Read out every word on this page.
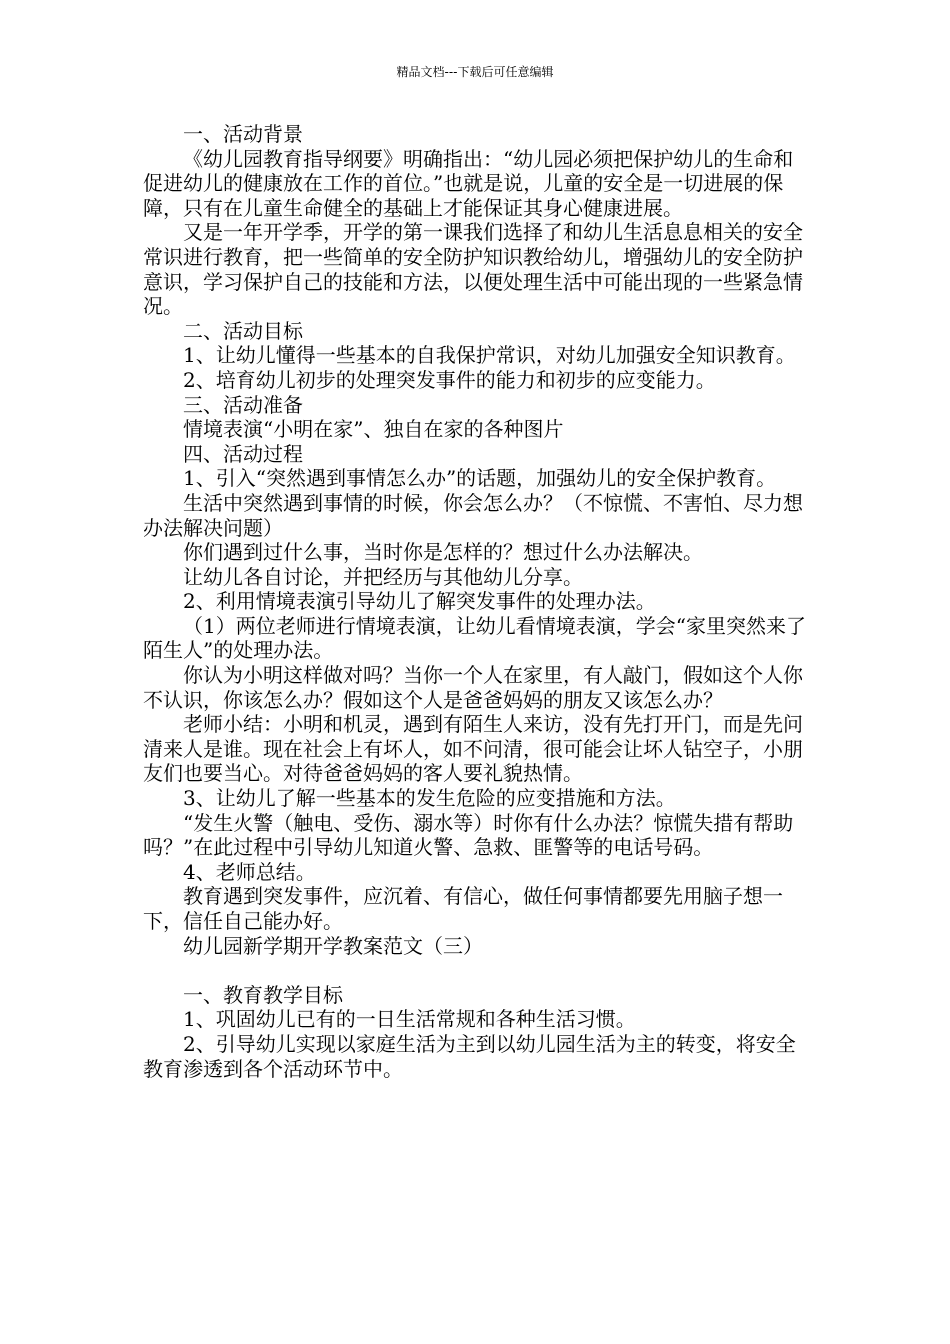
精品文档---下载后可任意编辑

一、活动背景

《幼儿园教育指导纲要》明确指出：“幼儿园必须把保护幼儿的生命和促进幼儿的健康放在工作的首位。”也就是说，儿童的安全是一切进展的保障，只有在儿童生命健全的基础上才能保证其身心健康进展。

又是一年开学季，开学的第一课我们选择了和幼儿生活息息相关的安全常识进行教育，把一些简单的安全防护知识教给幼儿，增强幼儿的安全防护意识，学习保护自己的技能和方法，以便处理生活中可能出现的一些紧急情况。

二、活动目标

1、让幼儿懂得一些基本的自我保护常识，对幼儿加强安全知识教育。

2、培育幼儿初步的处理突发事件的能力和初步的应变能力。

三、活动准备

情境表演“小明在家”、独自在家的各种图片

四、活动过程

1、引入“突然遇到事情怎么办”的话题，加强幼儿的安全保护教育。

生活中突然遇到事情的时候，你会怎么办？（不惊慌、不害怕、尽力想办法解决问题）

你们遇到过什么事，当时你是怎样的？想过什么办法解决。

让幼儿各自讨论，并把经历与其他幼儿分享。

2、利用情境表演引导幼儿了解突发事件的处理办法。

（1）两位老师进行情境表演，让幼儿看情境表演，学会“家里突然来了陌生人”的处理办法。

你认为小明这样做对吗？当你一个人在家里，有人敲门，假如这个人你不认识，你该怎么办？假如这个人是爸爸妈妈的朋友又该怎么办？

老师小结：小明和机灵，遇到有陌生人来访，没有先打开门，而是先问清来人是谁。现在社会上有坏人，如不问清，很可能会让坏人钻空子，小朋友们也要当心。对待爸爸妈妈的客人要礼貌热情。

3、让幼儿了解一些基本的发生危险的应变措施和方法。

“发生火警（触电、受伤、溺水等）时你有什么办法？惊慌失措有帮助吗？”在此过程中引导幼儿知道火警、急救、匪警等的电话号码。

4、老师总结。

教育遇到突发事件，应沉着、有信心，做任何事情都要先用脑子想一下，信任自己能办好。

幼儿园新学期开学教案范文（三）

一、教育教学目标

1、巩固幼儿已有的一日生活常规和各种生活习惯。

2、引导幼儿实现以家庭生活为主到以幼儿园生活为主的转变，将安全教育渗透到各个活动环节中。
